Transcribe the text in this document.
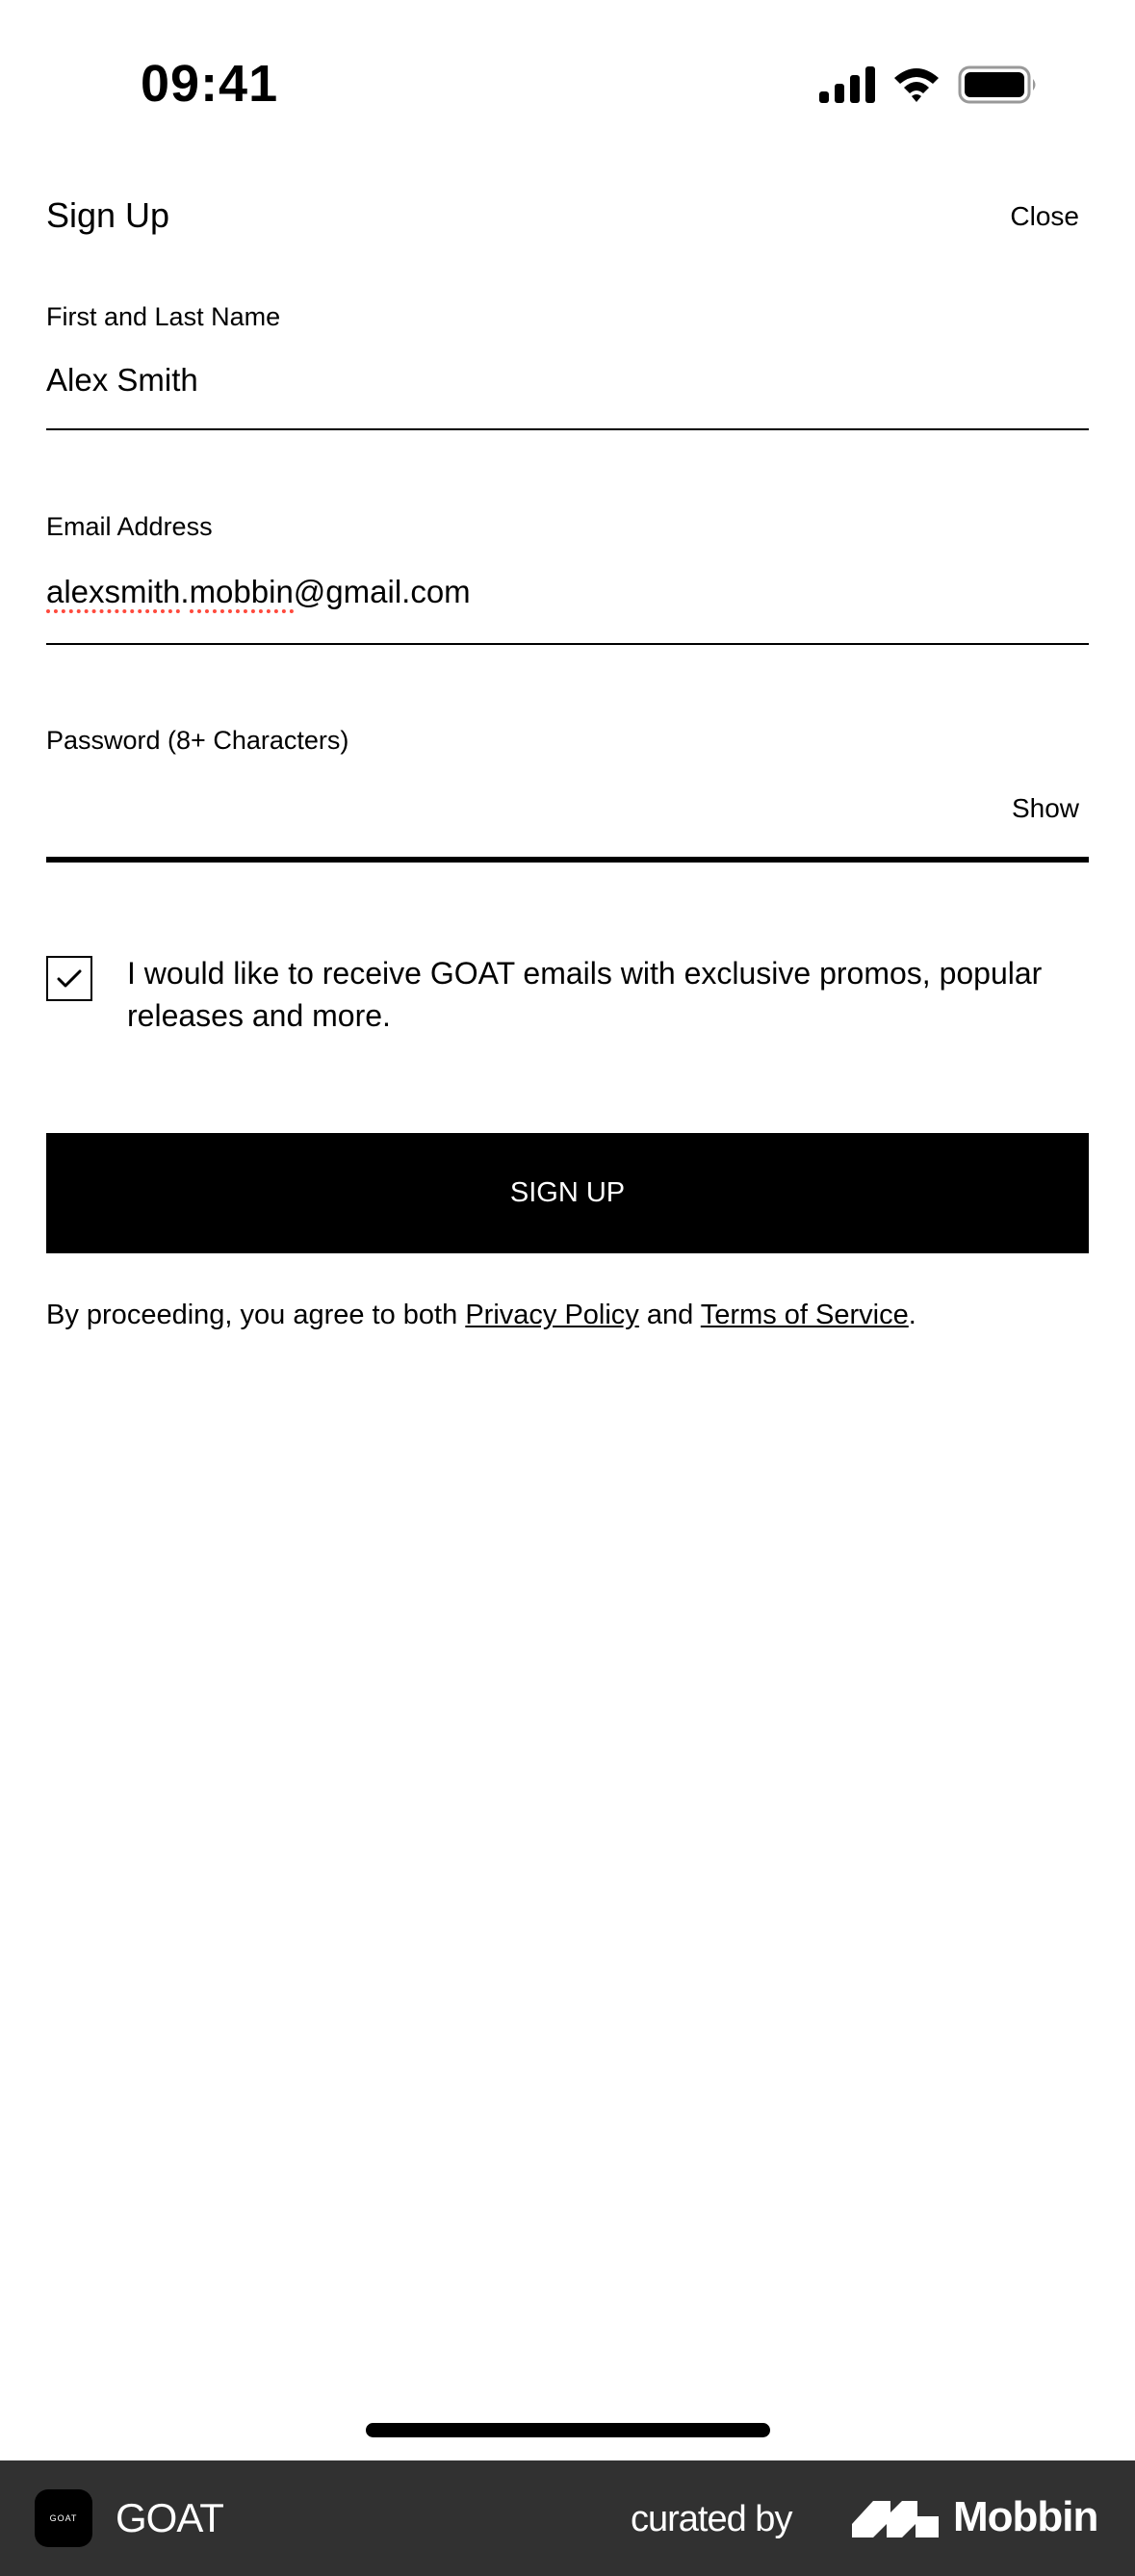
09:41
Sign Up	Close
First and Last Name
Alex Smith
Email Address
alexsmith.mobbin@gmail.com
Password (8+ Characters)
Show
I would like to receive GOAT emails with exclusive promos, popular releases and more.
SIGN UP
By proceeding, you agree to both Privacy Policy and Terms of Service.
GOAT GOAT	curated by	Mobbin
